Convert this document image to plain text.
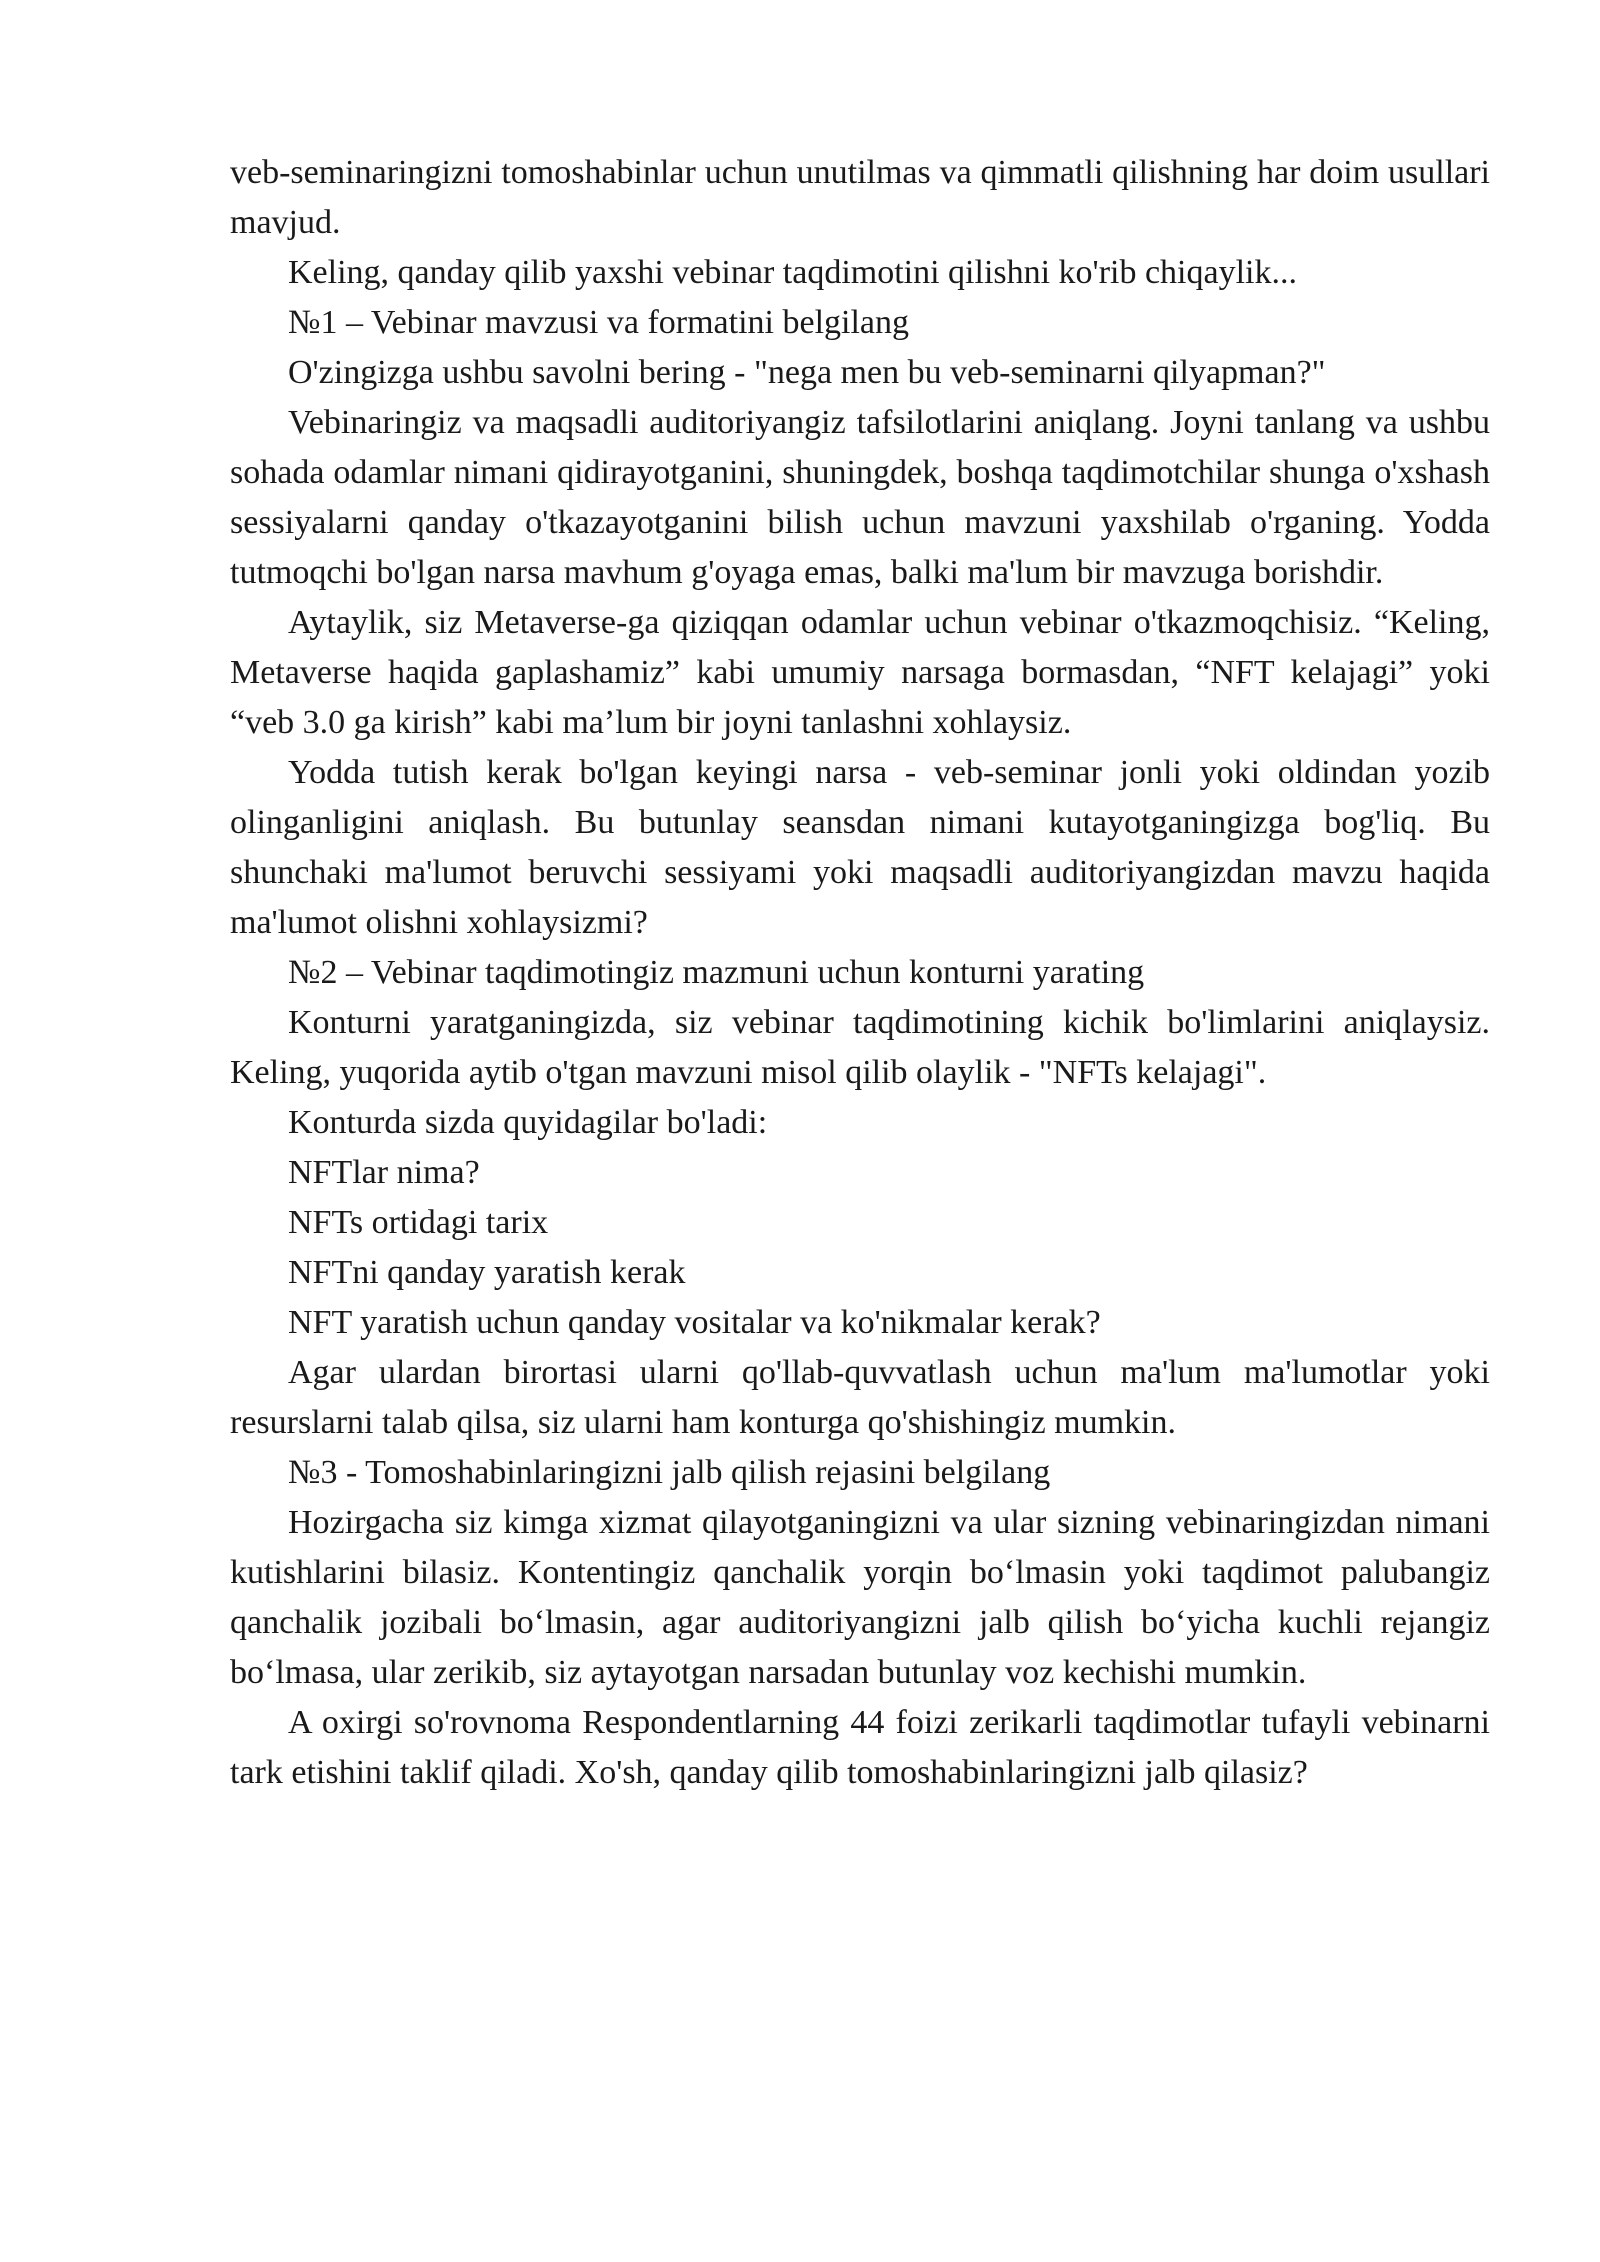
veb-seminaringizni tomoshabinlar uchun unutilmas va qimmatli qilishning har doim usullari mavjud.

Keling, qanday qilib yaxshi vebinar taqdimotini qilishni ko'rib chiqaylik...

№1 – Vebinar mavzusi va formatini belgilang

O'zingizga ushbu savolni bering - "nega men bu veb-seminarni qilyapman?"

Vebinaringiz va maqsadli auditoriyangiz tafsilotlarini aniqlang. Joyni tanlang va ushbu sohada odamlar nimani qidirayotganini, shuningdek, boshqa taqdimotchilar shunga o'xshash sessiyalarni qanday o'tkazayotganini bilish uchun mavzuni yaxshilab o'rganing. Yodda tutmoqchi bo'lgan narsa mavhum g'oyaga emas, balki ma'lum bir mavzuga borishdir.

Aytaylik, siz Metaverse-ga qiziqqan odamlar uchun vebinar o'tkazmoqchisiz. “Keling, Metaverse haqida gaplashamiz” kabi umumiy narsaga bormasdan, “NFT kelajagi” yoki “veb 3.0 ga kirish” kabi ma’lum bir joyni tanlashni xohlaysiz.

Yodda tutish kerak bo'lgan keyingi narsa - veb-seminar jonli yoki oldindan yozib olinganligini aniqlash. Bu butunlay seansdan nimani kutayotganingizga bog'liq. Bu shunchaki ma'lumot beruvchi sessiyami yoki maqsadli auditoriyangizdan mavzu haqida ma'lumot olishni xohlaysizmi?

№2 – Vebinar taqdimotingiz mazmuni uchun konturni yarating

Konturni yaratganingizda, siz vebinar taqdimotining kichik bo'limlarini aniqlaysiz. Keling, yuqorida aytib o'tgan mavzuni misol qilib olaylik - "NFTs kelajagi".

Konturda sizda quyidagilar bo'ladi:

NFTlar nima?

NFTs ortidagi tarix

NFTni qanday yaratish kerak

NFT yaratish uchun qanday vositalar va ko'nikmalar kerak?

Agar ulardan birortasi ularni qo'llab-quvvatlash uchun ma'lum ma'lumotlar yoki resurslarni talab qilsa, siz ularni ham konturga qo'shishingiz mumkin.

№3 - Tomoshabinlaringizni jalb qilish rejasini belgilang

Hozirgacha siz kimga xizmat qilayotganingizni va ular sizning vebinaringizdan nimani kutishlarini bilasiz. Kontentingiz qanchalik yorqin bo‘lmasin yoki taqdimot palubangiz qanchalik jozibali bo‘lmasin, agar auditoriyangizni jalb qilish bo‘yicha kuchli rejangiz bo‘lmasa, ular zerikib, siz aytayotgan narsadan butunlay voz kechishi mumkin.

A oxirgi so'rovnoma Respondentlarning 44 foizi zerikarli taqdimotlar tufayli vebinarni tark etishini taklif qiladi. Xo'sh, qanday qilib tomoshabinlaringizni jalb qilasiz?
